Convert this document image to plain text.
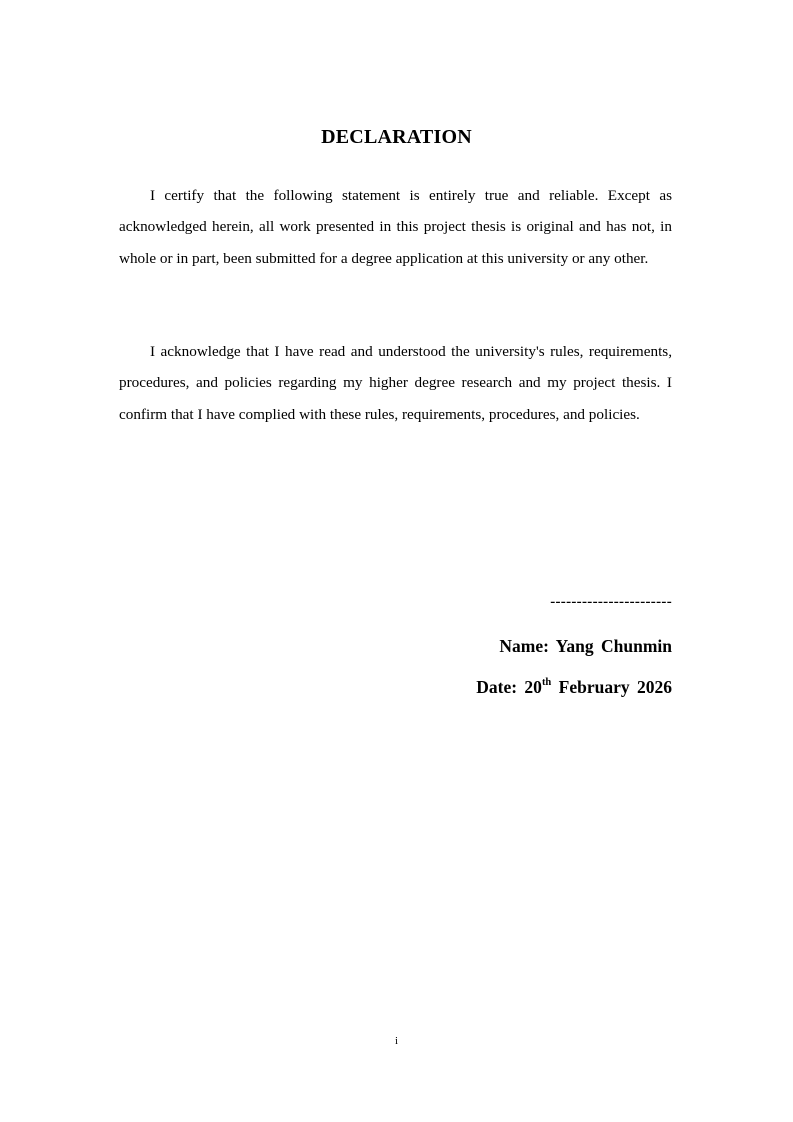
DECLARATION

I certify that the following statement is entirely true and reliable. Except as acknowledged herein, all work presented in this project thesis is original and has not, in whole or in part, been submitted for a degree application at this university or any other.

I acknowledge that I have read and understood the university's rules, requirements, procedures, and policies regarding my higher degree research and my project thesis. I confirm that I have complied with these rules, requirements, procedures, and policies.

-----------------------
Name: Yang Chunmin
Date: 20th February 2026
i
